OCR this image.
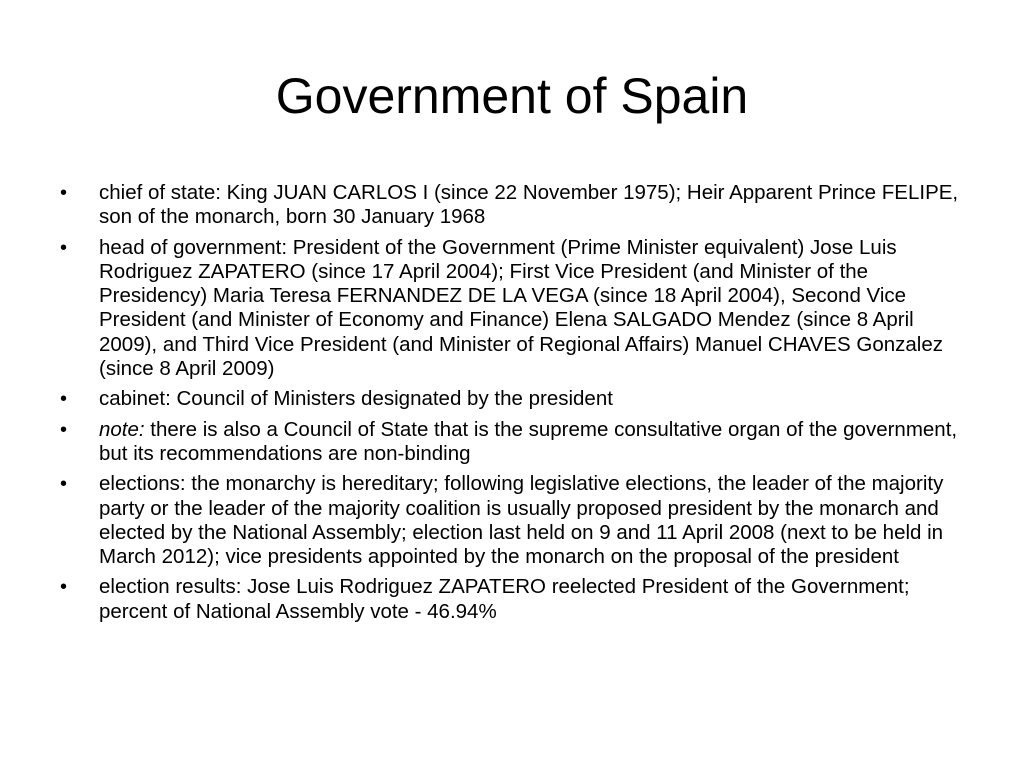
Government of Spain
• chief of state: King JUAN CARLOS I (since 22 November 1975); Heir Apparent Prince FELIPE, son of the monarch, born 30 January 1968
• head of government: President of the Government (Prime Minister equivalent) Jose Luis Rodriguez ZAPATERO (since 17 April 2004); First Vice President (and Minister of the Presidency) Maria Teresa FERNANDEZ DE LA VEGA (since 18 April 2004), Second Vice President (and Minister of Economy and Finance) Elena SALGADO Mendez (since 8 April 2009), and Third Vice President (and Minister of Regional Affairs) Manuel CHAVES Gonzalez (since 8 April 2009)
• cabinet: Council of Ministers designated by the president
• note: there is also a Council of State that is the supreme consultative organ of the government, but its recommendations are non-binding
• elections: the monarchy is hereditary; following legislative elections, the leader of the majority party or the leader of the majority coalition is usually proposed president by the monarch and elected by the National Assembly; election last held on 9 and 11 April 2008 (next to be held in March 2012); vice presidents appointed by the monarch on the proposal of the president
• election results: Jose Luis Rodriguez ZAPATERO reelected President of the Government; percent of National Assembly vote - 46.94%
